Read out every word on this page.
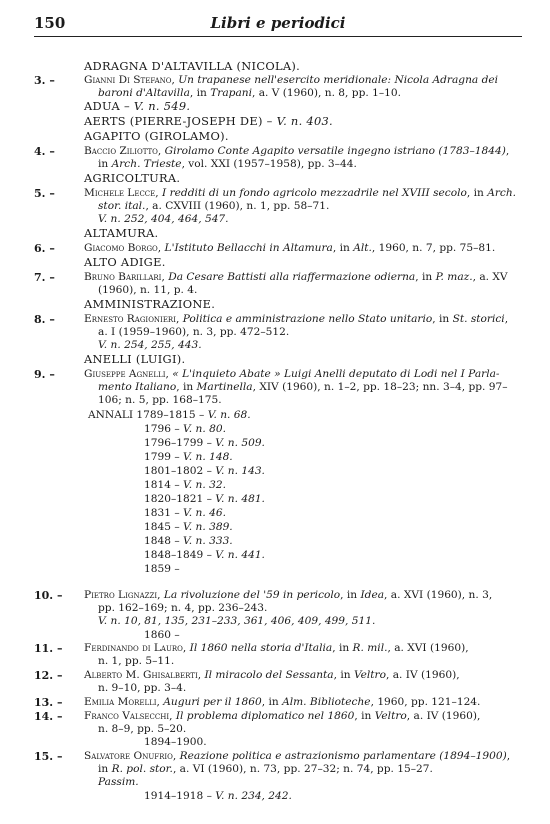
150	Libri e periodici
ADRAGNA D'ALTAVILLA (NICOLA).
3. –	Gianni Di Stefano, Un trapanese nell'esercito meridionale: Nicola Adragna dei
baroni d'Altavilla, in Trapani, a. V (1960), n. 8, pp. 1–10.
ADUA – V. n. 549.
AERTS (PIERRE-JOSEPH DE) – V. n. 403.
AGAPITO (GIROLAMO).
4. –	Baccio Ziliotto, Girolamo Conte Agapito versatile ingegno istriano (1783–1844),
in Arch. Trieste, vol. XXI (1957–1958), pp. 3–44.
AGRICOLTURA.
5. –	Michele Lecce, I redditi di un fondo agricolo mezzadrile nel XVIII secolo, in Arch.
stor. ital., a. CXVIII (1960), n. 1, pp. 58–71.
V. n. 252, 404, 464, 547.
ALTAMURA.
6. –	Giacomo Borgo, L'Istituto Bellacchi in Altamura, in Alt., 1960, n. 7, pp. 75–81.
ALTO ADIGE.
7. –	Bruno Barillari, Da Cesare Battisti alla riaffermazione odierna, in P. maz., a. XV
(1960), n. 11, p. 4.
AMMINISTRAZIONE.
8. –	Ernesto Ragionieri, Politica e amministrazione nello Stato unitario, in St. storici,
a. I (1959–1960), n. 3, pp. 472–512.
V. n. 254, 255, 443.
ANELLI (LUIGI).
9. –	Giuseppe Agnelli, « L'inquieto Abate » Luigi Anelli deputato di Lodi nel I Parla-
mento Italiano, in Martinella, XIV (1960), n. 1–2, pp. 18–23; nn. 3–4, pp. 97–
106; n. 5, pp. 168–175.
10. – Pietro Lignazzi, La rivoluzione del '59 in pericolo, in Idea, a. XVI (1960), n. 3,
pp. 162–169; n. 4, pp. 236–243.
V. n. 10, 81, 135, 231–233, 361, 406, 409, 499, 511.
11. – Ferdinando di Lauro, Il 1860 nella storia d'Italia, in R. mil., a. XVI (1960),
n. 1, pp. 5–11.
12. – Alberto M. Ghisalberti, Il miracolo del Sessanta, in Veltro, a. IV (1960),
n. 9–10, pp. 3–4.
13. – Emilia Morelli, Auguri per il 1860, in Alm. Biblioteche, 1960, pp. 121–124.
14. – Franco Valsecchi, Il problema diplomatico nel 1860, in Veltro, a. IV (1960),
n. 8–9, pp. 5–20.
15. – Salvatore Onufrio, Reazione politica e astrazionismo parlamentare (1894–1900),
in R. pol. stor., a. VI (1960), n. 73, pp. 27–32; n. 74, pp. 15–27.
Passim.
ANNALI 1789–1815 – V. n. 68.
1796 – V. n. 80.
1796–1799 – V. n. 509.
1799 – V. n. 148.
1801–1802 – V. n. 143.
1814 – V. n. 32.
1820–1821 – V. n. 481.
1831 – V. n. 46.
1845 – V. n. 389.
1848 – V. n. 333.
1848–1849 – V. n. 441.
1859 –
1860 –
1894–1900.
1914–1918 – V. n. 234, 242.
